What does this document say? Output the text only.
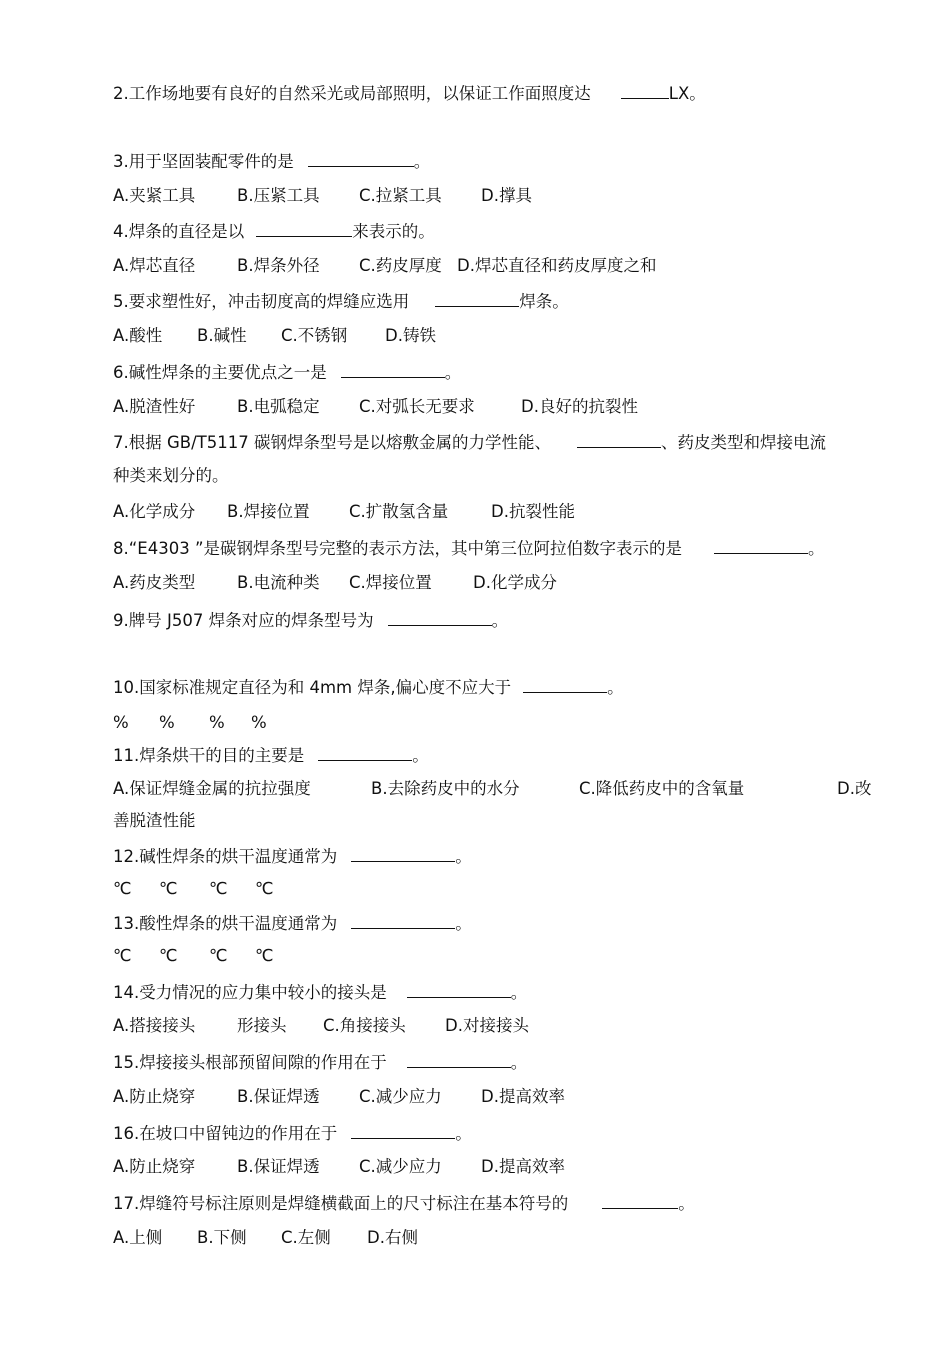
2.工作场地要有良好的自然采光或局部照明，以保证工作面照度达	LX。
3.用于坚固装配零件的是	。
4.焊条的直径是以	来表示的。
5.要求塑性好，冲击韧度高的焊缝应选用	焊条。
6.碱性焊条的主要优点之一是	。
7.根据 GB/T5117 碳钢焊条型号是以熔敷金属的力学性能、	、药皮类型和焊接电流
种类来划分的。
8.“E4303 ”是碳钢焊条型号完整的表示方法，其中第三位阿拉伯数字表示的是	。
9.牌号 J507 焊条对应的焊条型号为	。
10.国家标准规定直径为和 4mm 焊条,偏心度不应大于	。
11.焊条烘干的目的主要是	。
善脱渣性能
12.碱性焊条的烘干温度通常为	。
13.酸性焊条的烘干温度通常为	。
14.受力情况的应力集中较小的接头是	。
15.焊接接头根部预留间隙的作用在于	。
16.在坡口中留钝边的作用在于	。
17.焊缝符号标注原则是焊缝横截面上的尺寸标注在基本符号的	。
A.夹紧工具	B.压紧工具 C.拉紧工具 D.撑具
A.焊芯直径	B.焊条外径 C.药皮厚度 D.焊芯直径和药皮厚度之和
A.酸性 B.碱性 C.不锈钢 D.铸铁
A.脱渣性好	B.电弧稳定 C.对弧长无要求	D.良好的抗裂性
A.化学成分 B.焊接位置 C.扩散氢含量	D.抗裂性能
A.药皮类型	B.电流种类 C.焊接位置 D.化学成分
% % % %
A.保证焊缝金属的抗拉强度	B.去除药皮中的水分	C.降低药皮中的含氧量	D.改
℃ ℃ ℃ ℃
℃ ℃ ℃ ℃
A.搭接接头	形接头 C.角接接头 D.对接接头
A.防止烧穿	B.保证焊透 C.减少应力 D.提高效率
A.防止烧穿	B.保证焊透 C.减少应力 D.提高效率
A.上侧 B.下侧 C.左侧 D.右侧
